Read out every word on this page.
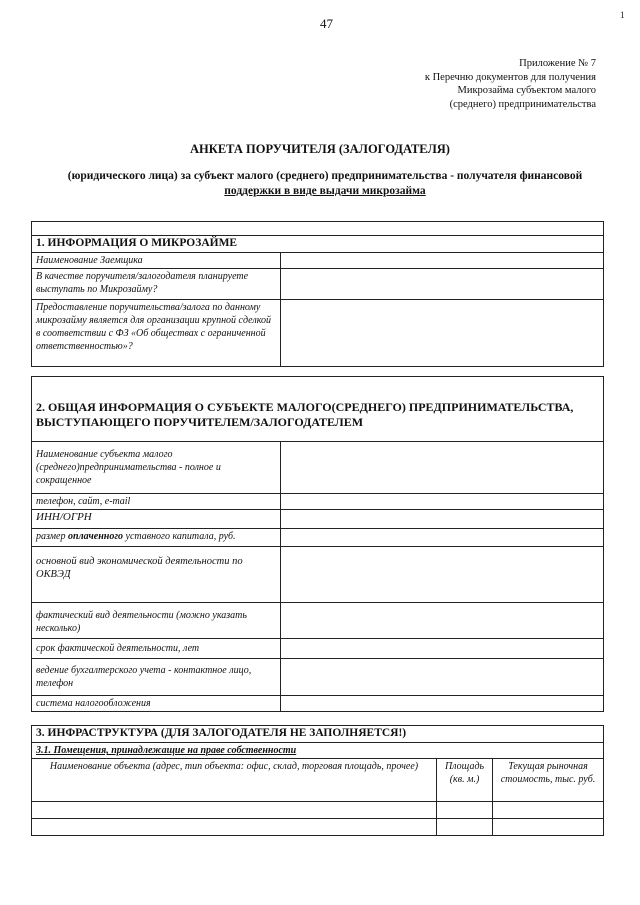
47
1
Приложение № 7
к Перечню документов для получения
Микрозайма субъектом малого
(среднего) предпринимательства
АНКЕТА ПОРУЧИТЕЛЯ (ЗАЛОГОДАТЕЛЯ)
(юридического лица) за субъект малого (среднего) предпринимательства - получателя финансовой
поддержки в виде выдачи микрозайма

1. ИНФОРМАЦИЯ О МИКРОЗАЙМЕ	
Наименование Заемщика	
В качестве поручителя/залогодателя планируете выступать по Микрозайму?	
Предоставление поручительства/залога по данному микрозайму является для организации крупной сделкой в соответствии с ФЗ «Об обществах с ограниченной ответственностью»?	
2. ОБЩАЯ ИНФОРМАЦИЯ О СУБЪЕКТЕ МАЛОГО(СРЕДНЕГО) ПРЕДПРИНИМАТЕЛЬСТВА, ВЫСТУПАЮЩЕГО ПОРУЧИТЕЛЕМ/ЗАЛОГОДАТЕЛЕМ	
Наименование субъекта малого (среднего)предпринимательства - полное и сокращенное	
телефон, сайт, e-mail	
ИНН/ОГРН	
размер оплаченного уставного капитала, руб.	
основной вид экономической деятельности по ОКВЭД	
фактический вид деятельности (можно указать несколько)	
срок фактической деятельности, лет	
ведение бухгалтерского учета - контактное лицо, телефон	
система налогообложения	
3. ИНФРАСТРУКТУРА (ДЛЯ ЗАЛОГОДАТЕЛЯ НЕ ЗАПОЛНЯЕТСЯ!)		
3.1. Помещения, принадлежащие на праве собственности		
Наименование объекта (адрес, тип объекта: офис, склад, торговая площадь, прочее)	Площадь (кв. м.)	Текущая рыночная стоимость, тыс. руб.
